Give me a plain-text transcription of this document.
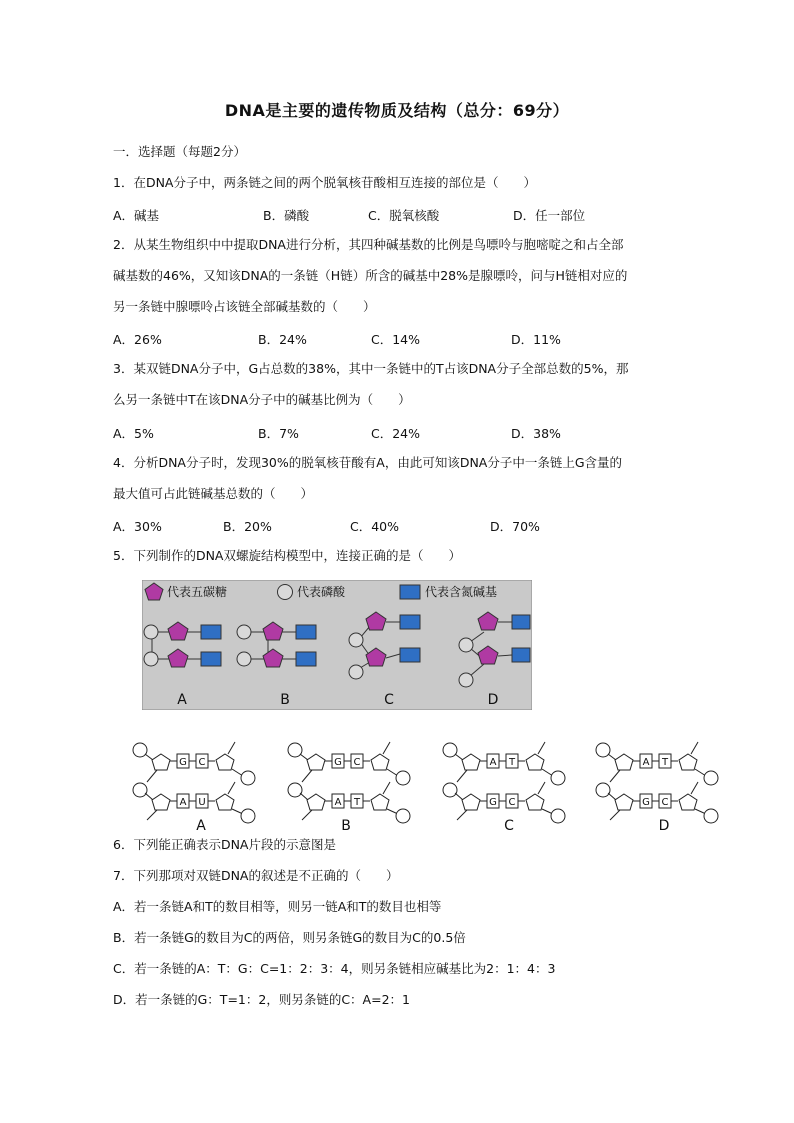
DNA是主要的遗传物质及结构（总分：69分）
一．选择题（每题2分）
1．在DNA分子中，两条链之间的两个脱氧核苷酸相互连接的部位是（　　）
A．碱基	B．磷酸	C．脱氧核酸	D．任一部位
2．从某生物组织中中提取DNA进行分析，其四种碱基数的比例是鸟嘌呤与胞嘧啶之和占全部
碱基数的46%，又知该DNA的一条链（H链）所含的碱基中28%是腺嘌呤，问与H链相对应的
另一条链中腺嘌呤占该链全部碱基数的（　　）
A．26%	B．24%	C．14%	D．11%
3．某双链DNA分子中，G占总数的38%，其中一条链中的T占该DNA分子全部总数的5%，那
么另一条链中T在该DNA分子中的碱基比例为（　　）
A．5%	B．7%	C．24%	D．38%
4．分析DNA分子时，发现30%的脱氧核苷酸有A，由此可知该DNA分子中一条链上G含量的
最大值可占此链碱基总数的（　　）
A．30%	B．20%	C．40%	D．70%
5．下列制作的DNA双螺旋结构模型中，连接正确的是（　　）
代表五碳糖	代表磷酸	代表含氮碱基
A	B	C	D
G C
A U
A
G C
A T
B
A T
G C
C
A T
G C
D
6．下列能正确表示DNA片段的示意图是
7．下列那项对双链DNA的叙述是不正确的（　　）
A．若一条链A和T的数目相等，则另一链A和T的数目也相等
B．若一条链G的数目为C的两倍，则另条链G的数目为C的0.5倍
C．若一条链的A：T：G：C=1：2：3：4，则另条链相应碱基比为2：1：4：3
D．若一条链的G：T=1：2，则另条链的C：A=2：1
